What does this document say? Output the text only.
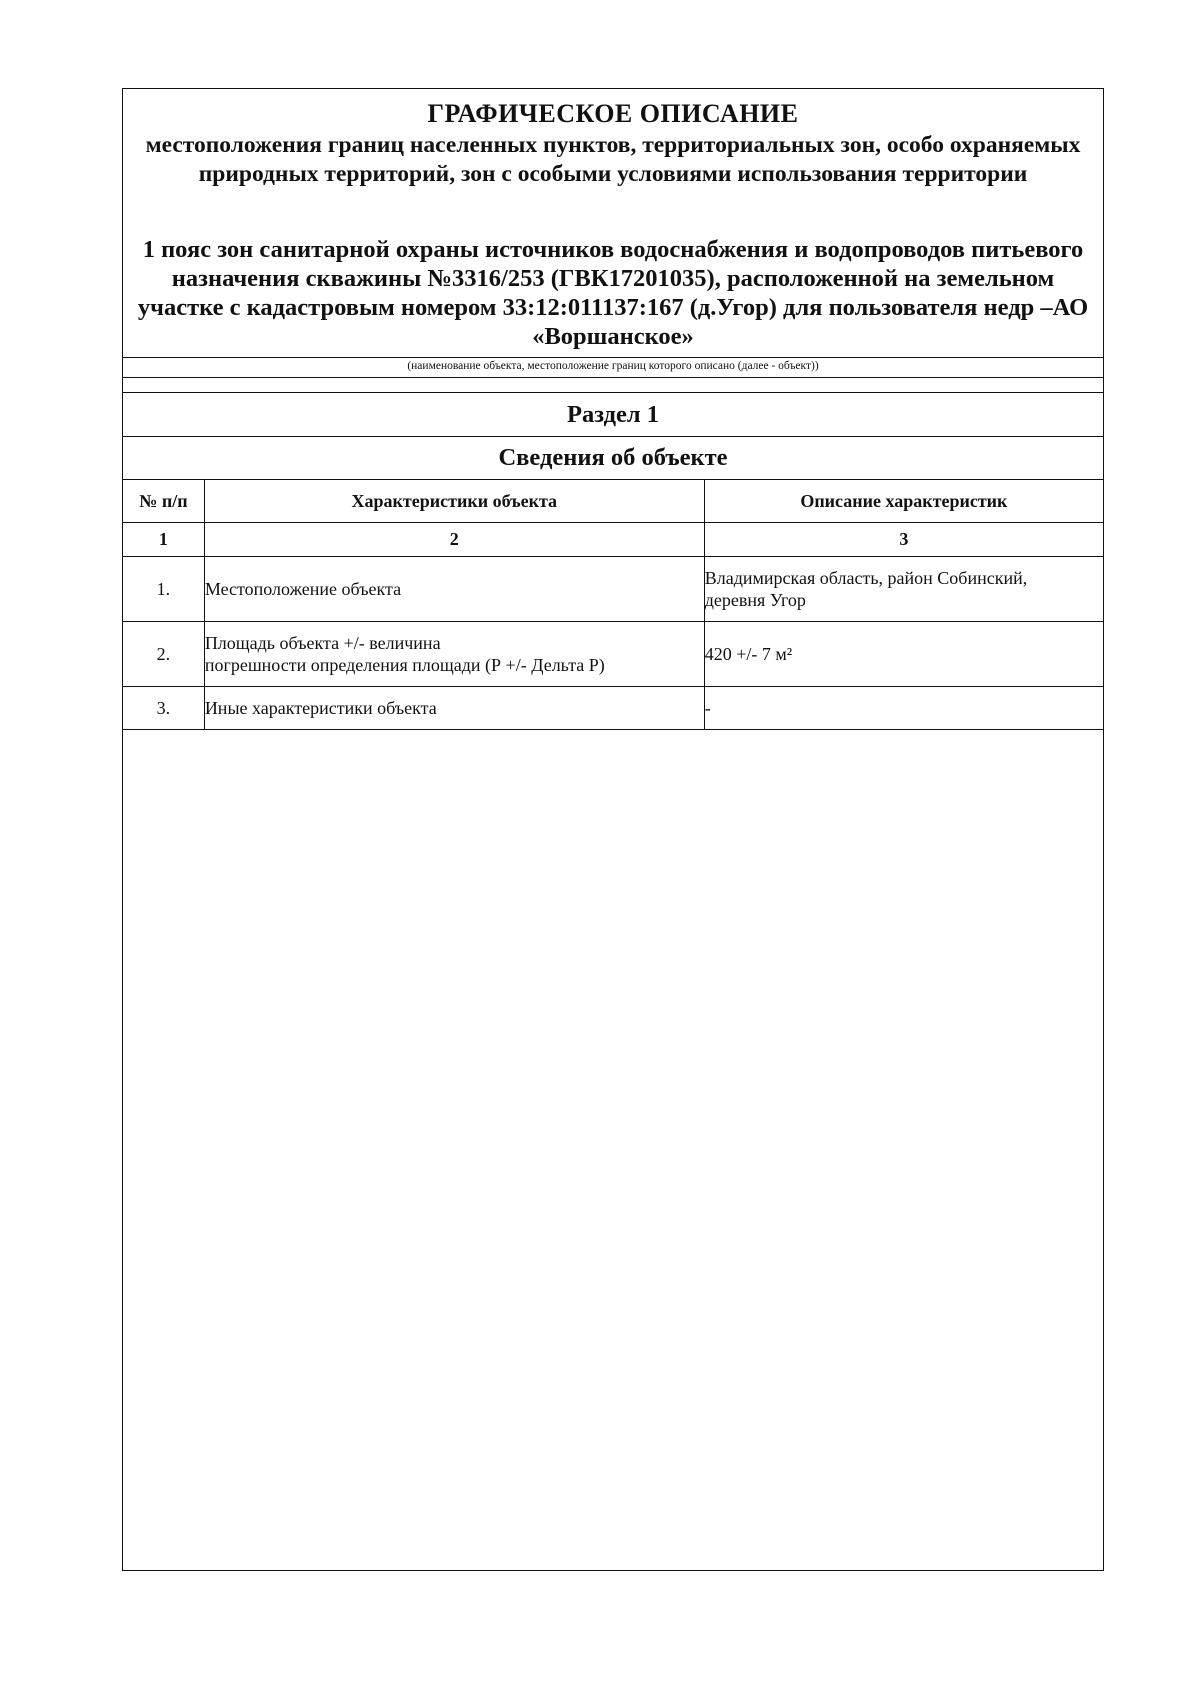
ГРАФИЧЕСКОЕ ОПИСАНИЕ
местоположения границ населенных пунктов, территориальных зон, особо охраняемых природных территорий, зон с особыми условиями использования территории
1 пояс зон санитарной охраны источников водоснабжения и водопроводов питьевого назначения скважины №3316/253 (ГВК17201035), расположенной на земельном участке с кадастровым номером 33:12:011137:167 (д.Угор) для пользователя недр –АО «Воршанское»
(наименование объекта, местоположение границ которого описано (далее - объект))
Раздел 1
Сведения об объекте
№ п/п	Характеристики объекта	Описание характеристик
1	2	3
1.	Местоположение объекта	Владимирская область, район Собинский,
деревня Угор

2.	Площадь объекта +/- величина
погрешности определения площади (Р +/- Дельта Р)	420 +/- 7 м²
3.	Иные характеристики объекта	-
